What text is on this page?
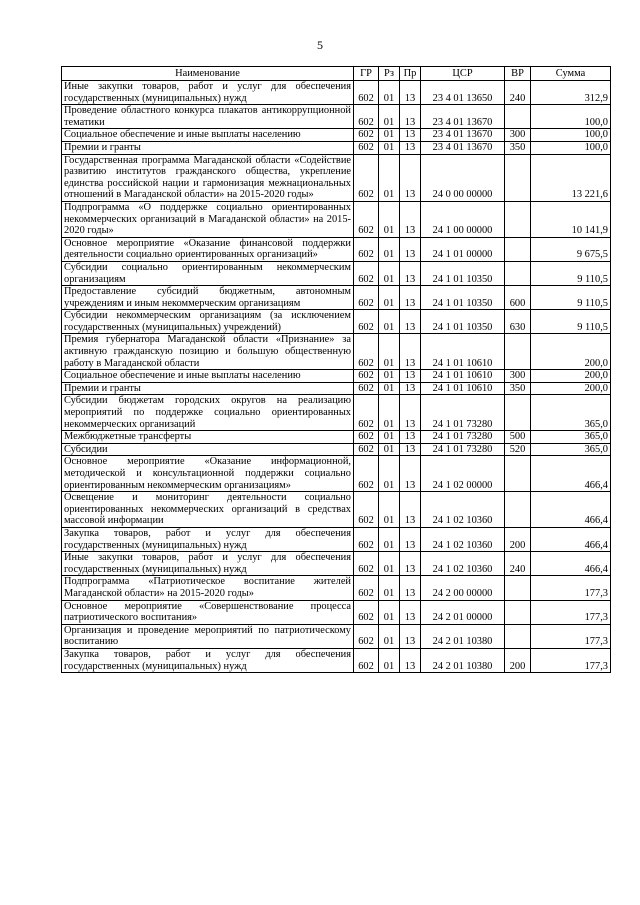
5
Наименование	ГР	Рз	Пр	ЦСР	ВР	Сумма
Иные закупки товаров, работ и услуг для обеспечения государственных (муниципальных) нужд	602	01	13	23 4 01 13650	240	312,9
Проведение областного конкурса плакатов антикоррупционной тематики	602	01	13	23 4 01 13670		100,0
Социальное обеспечение и иные выплаты населению	602	01	13	23 4 01 13670	300	100,0
Премии и гранты	602	01	13	23 4 01 13670	350	100,0
Государственная программа Магаданской области «Содействие развитию институтов гражданского общества, укрепление единства российской нации и гармонизация межнациональных отношений в Магаданской области» на 2015-2020 годы»	602	01	13	24 0 00 00000		13 221,6
Подпрограмма «О поддержке социально ориентированных некоммерческих организаций в Магаданской области» на 2015-2020 годы»	602	01	13	24 1 00 00000		10 141,9
Основное мероприятие «Оказание финансовой поддержки деятельности социально ориентированных организаций»	602	01	13	24 1 01 00000		9 675,5
Субсидии социально ориентированным некоммерческим организациям	602	01	13	24 1 01 10350		9 110,5
Предоставление субсидий бюджетным, автономным учреждениям и иным некоммерческим организациям	602	01	13	24 1 01 10350	600	9 110,5
Субсидии некоммерческим организациям (за исключением государственных (муниципальных) учреждений)	602	01	13	24 1 01 10350	630	9 110,5
Премия губернатора Магаданской области «Признание» за активную гражданскую позицию и большую общественную работу в Магаданской области	602	01	13	24 1 01 10610		200,0
Социальное обеспечение и иные выплаты населению	602	01	13	24 1 01 10610	300	200,0
Премии и гранты	602	01	13	24 1 01 10610	350	200,0
Субсидии бюджетам городских округов на реализацию мероприятий по поддержке социально ориентированных некоммерческих организаций	602	01	13	24 1 01 73280		365,0
Межбюджетные трансферты	602	01	13	24 1 01 73280	500	365,0
Субсидии	602	01	13	24 1 01 73280	520	365,0
Основное мероприятие «Оказание информационной, методической и консультационной поддержки социально ориентированным некоммерческим организациям»	602	01	13	24 1 02 00000		466,4
Освещение и мониторинг деятельности социально ориентированных некоммерческих организаций в средствах массовой информации	602	01	13	24 1 02 10360		466,4
Закупка товаров, работ и услуг для обеспечения государственных (муниципальных) нужд	602	01	13	24 1 02 10360	200	466,4
Иные закупки товаров, работ и услуг для обеспечения государственных (муниципальных) нужд	602	01	13	24 1 02 10360	240	466,4
Подпрограмма «Патриотическое воспитание жителей Магаданской области» на 2015-2020 годы»	602	01	13	24 2 00 00000		177,3
Основное мероприятие «Совершенствование процесса патриотического воспитания»	602	01	13	24 2 01 00000		177,3
Организация и проведение мероприятий по патриотическому воспитанию	602	01	13	24 2 01 10380		177,3
Закупка товаров, работ и услуг для обеспечения государственных (муниципальных) нужд	602	01	13	24 2 01 10380	200	177,3
